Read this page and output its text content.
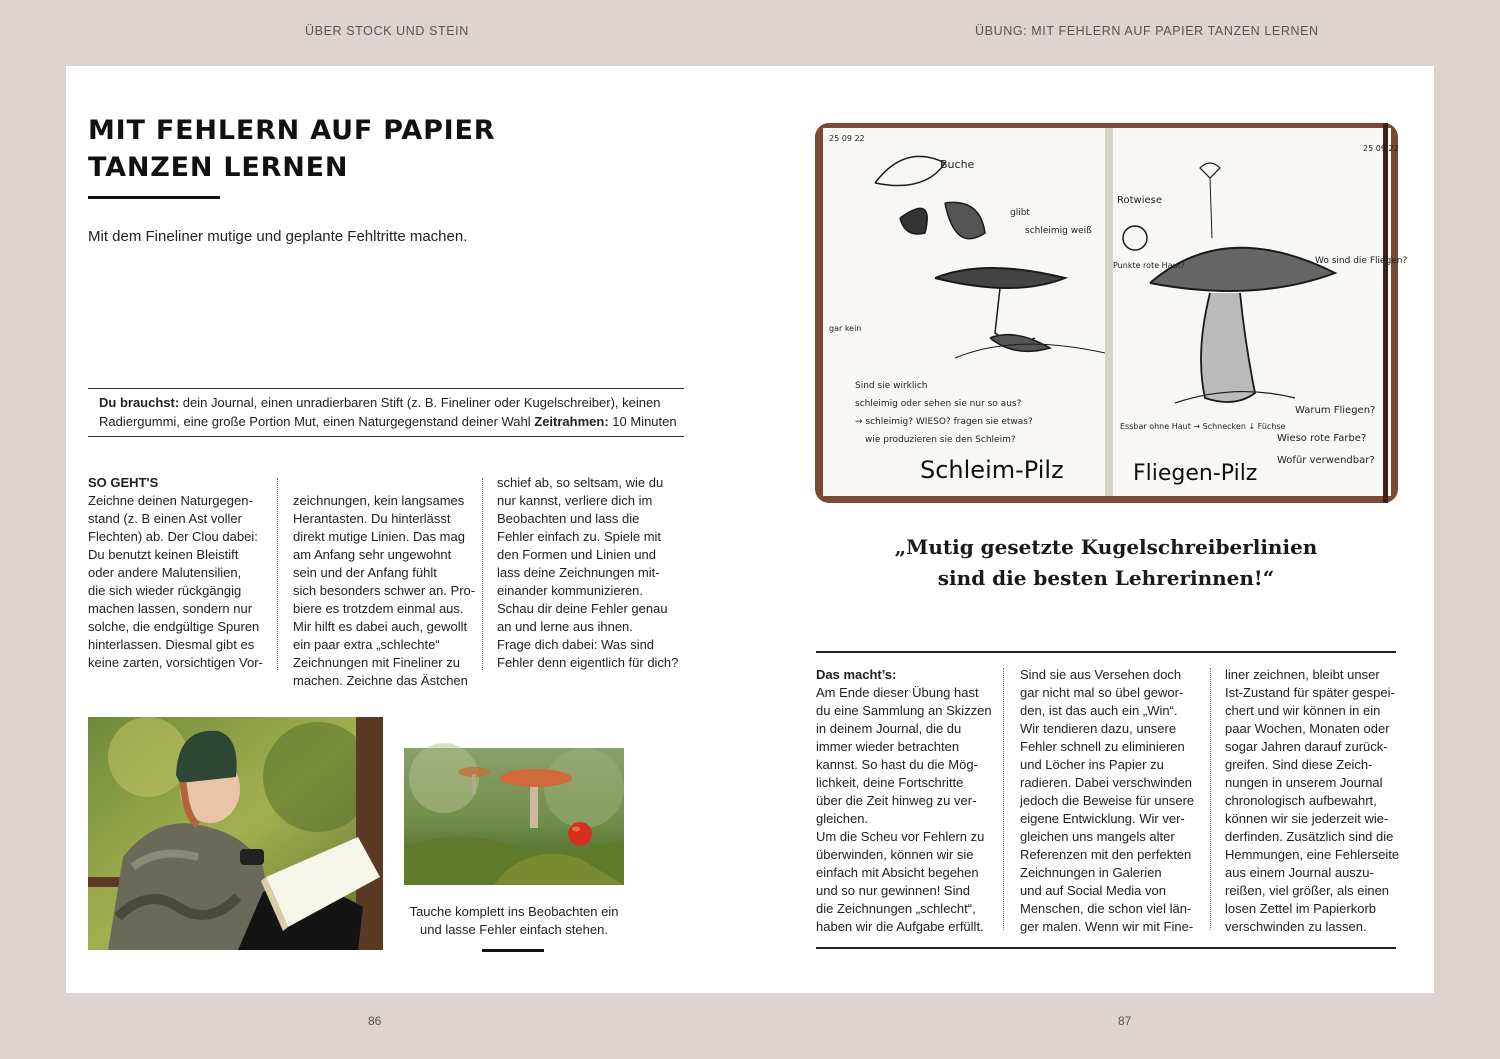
ÜBER STOCK UND STEIN	ÜBUNG: MIT FEHLERN AUF PAPIER TANZEN LERNEN
MIT FEHLERN AUF PAPIER
TANZEN LERNEN
Mit dem Fineliner mutige und geplante Fehltritte machen.
Du brauchst: dein Journal, einen unradierbaren Stift (z. B. Fineliner oder Kugelschreiber), keinen Radiergummi, eine große Portion Mut, einen Naturgegenstand deiner Wahl Zeitrahmen: 10 Minuten

SO GEHT'S

Zeichne deinen Naturgegen-
stand (z. B einen Ast voller
Flechten) ab. Der Clou dabei:
Du benutzt keinen Bleistift
oder andere Malutensilien,
die sich wieder rückgängig
machen lassen, sondern nur
solche, die endgültige Spuren
hinterlassen. Diesmal gibt es
keine zarten, vorsichtigen Vor-

zeichnungen, kein langsames
Herantasten. Du hinterlässt
direkt mutige Linien. Das mag
am Anfang sehr ungewohnt
sein und der Anfang fühlt
sich besonders schwer an. Pro-
biere es trotzdem einmal aus.
Mir hilft es dabei auch, gewollt
ein paar extra „schlechte“
Zeichnungen mit Fineliner zu
machen. Zeichne das Ästchen

schief ab, so seltsam, wie du
nur kannst, verliere dich im
Beobachten und lass die
Fehler einfach zu. Spiele mit
den Formen und Linien und
lass deine Zeichnungen mit-
einander kommunizieren.
Schau dir deine Fehler genau
an und lerne aus ihnen.
Frage dich dabei: Was sind
Fehler denn eigentlich für dich?

Tauche komplett ins Beobachten ein
und lasse Fehler einfach stehen.
86
25 09 22
Buche
glibt
schleimig weiß
gar kein
Sind sie wirklich
schleimig oder sehen sie nur so aus?
→ schleimig? WIESO? fragen sie etwas?
wie produzieren sie den Schleim?
Schleim-Pilz
25 09 22
Rotwiese
Punkte rote Haut?	Wo sind die Fliegen?
Essbar ohne Haut → Schnecken ↓ Füchse
Warum Fliegen?
Wieso rote Farbe?
Wofür verwendbar?
Fliegen-Pilz
„Mutig gesetzte Kugelschreiberlinien
sind die besten Lehrerinnen!“

Das macht’s:

Am Ende dieser Übung hast
du eine Sammlung an Skizzen
in deinem Journal, die du
immer wieder betrachten
kannst. So hast du die Mög-
lichkeit, deine Fortschritte
über die Zeit hinweg zu ver-
gleichen.
Um die Scheu vor Fehlern zu
überwinden, können wir sie
einfach mit Absicht begehen
und so nur gewinnen! Sind
die Zeichnungen „schlecht“,
haben wir die Aufgabe erfüllt.

Sind sie aus Versehen doch
gar nicht mal so übel gewor-
den, ist das auch ein „Win“.
Wir tendieren dazu, unsere
Fehler schnell zu eliminieren
und Löcher ins Papier zu
radieren. Dabei verschwinden
jedoch die Beweise für unsere
eigene Entwicklung. Wir ver-
gleichen uns mangels alter
Referenzen mit den perfekten
Zeichnungen in Galerien
und auf Social Media von
Menschen, die schon viel län-
ger malen. Wenn wir mit Fine-

liner zeichnen, bleibt unser
Ist-Zustand für später gespei-
chert und wir können in ein
paar Wochen, Monaten oder
sogar Jahren darauf zurück-
greifen. Sind diese Zeich-
nungen in unserem Journal
chronologisch aufbewahrt,
können wir sie jederzeit wie-
derfinden. Zusätzlich sind die
Hemmungen, eine Fehlerseite
aus einem Journal auszu-
reißen, viel größer, als einen
losen Zettel im Papierkorb
verschwinden zu lassen.

87
